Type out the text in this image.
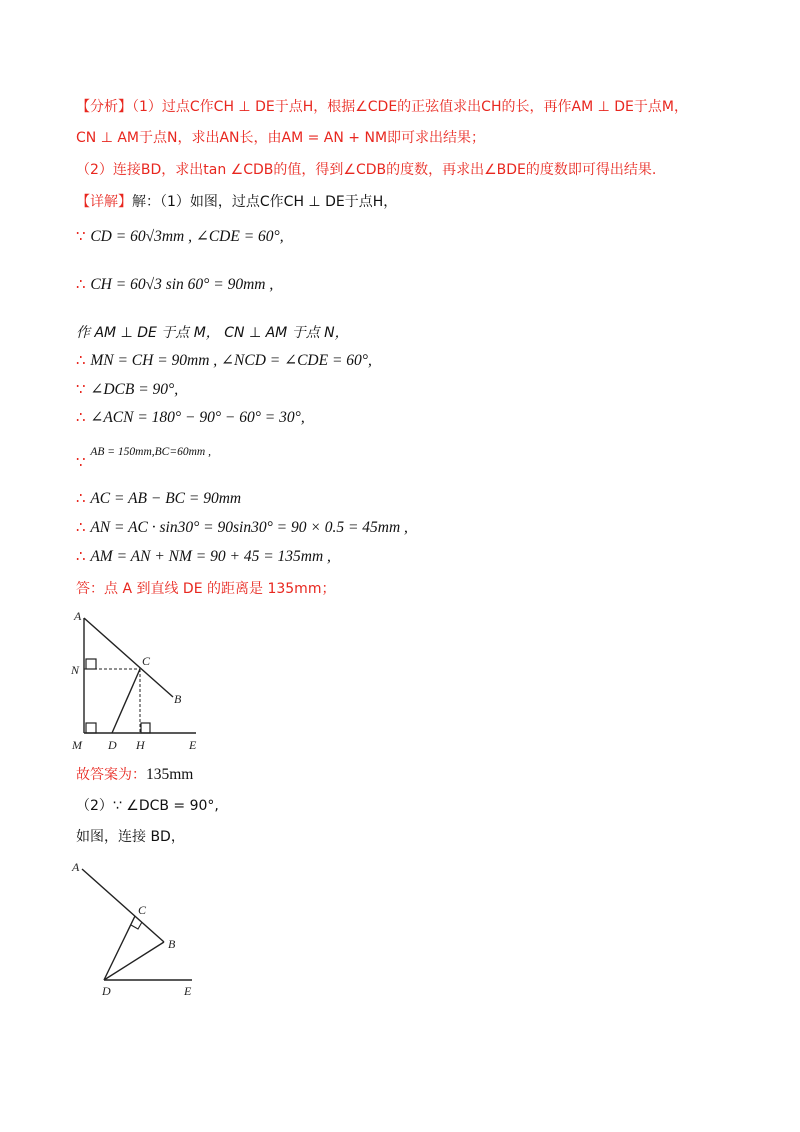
【分析】（1）过点C作CH ⊥ DE于点H，根据∠CDE的正弦值求出CH的长，再作AM ⊥ DE于点M，
CN ⊥ AM于点N，求出AN长，由AM = AN + NM即可求出结果；
（2）连接BD，求出tan ∠CDB的值，得到∠CDB的度数，再求出∠BDE的度数即可得出结果.
【详解】解：（1）如图，过点C作CH ⊥ DE于点H，
∵ CD = 60√3mm , ∠CDE = 60°,
∴ CH = 60√3 sin 60° = 90mm ,
作 AM ⊥ DE 于点 M， CN ⊥ AM 于点 N，
∴ MN = CH = 90mm , ∠NCD = ∠CDE = 60°,
∵ ∠DCB = 90°,
∴ ∠ACN = 180° − 90° − 60° = 30°,
∵ AB = 150mm,BC=60mm ,
∴ AC = AB − BC = 90mm
∴ AN = AC · sin30° = 90sin30° = 90 × 0.5 = 45mm ,
∴ AM = AN + NM = 90 + 45 = 135mm ,
答：点 A 到直线 DE 的距离是 135mm；
A
N
C
B
M D H	E
故答案为：135mm
（2）∵ ∠DCB = 90°,
如图，连接 BD，
A
C
B
D	E
